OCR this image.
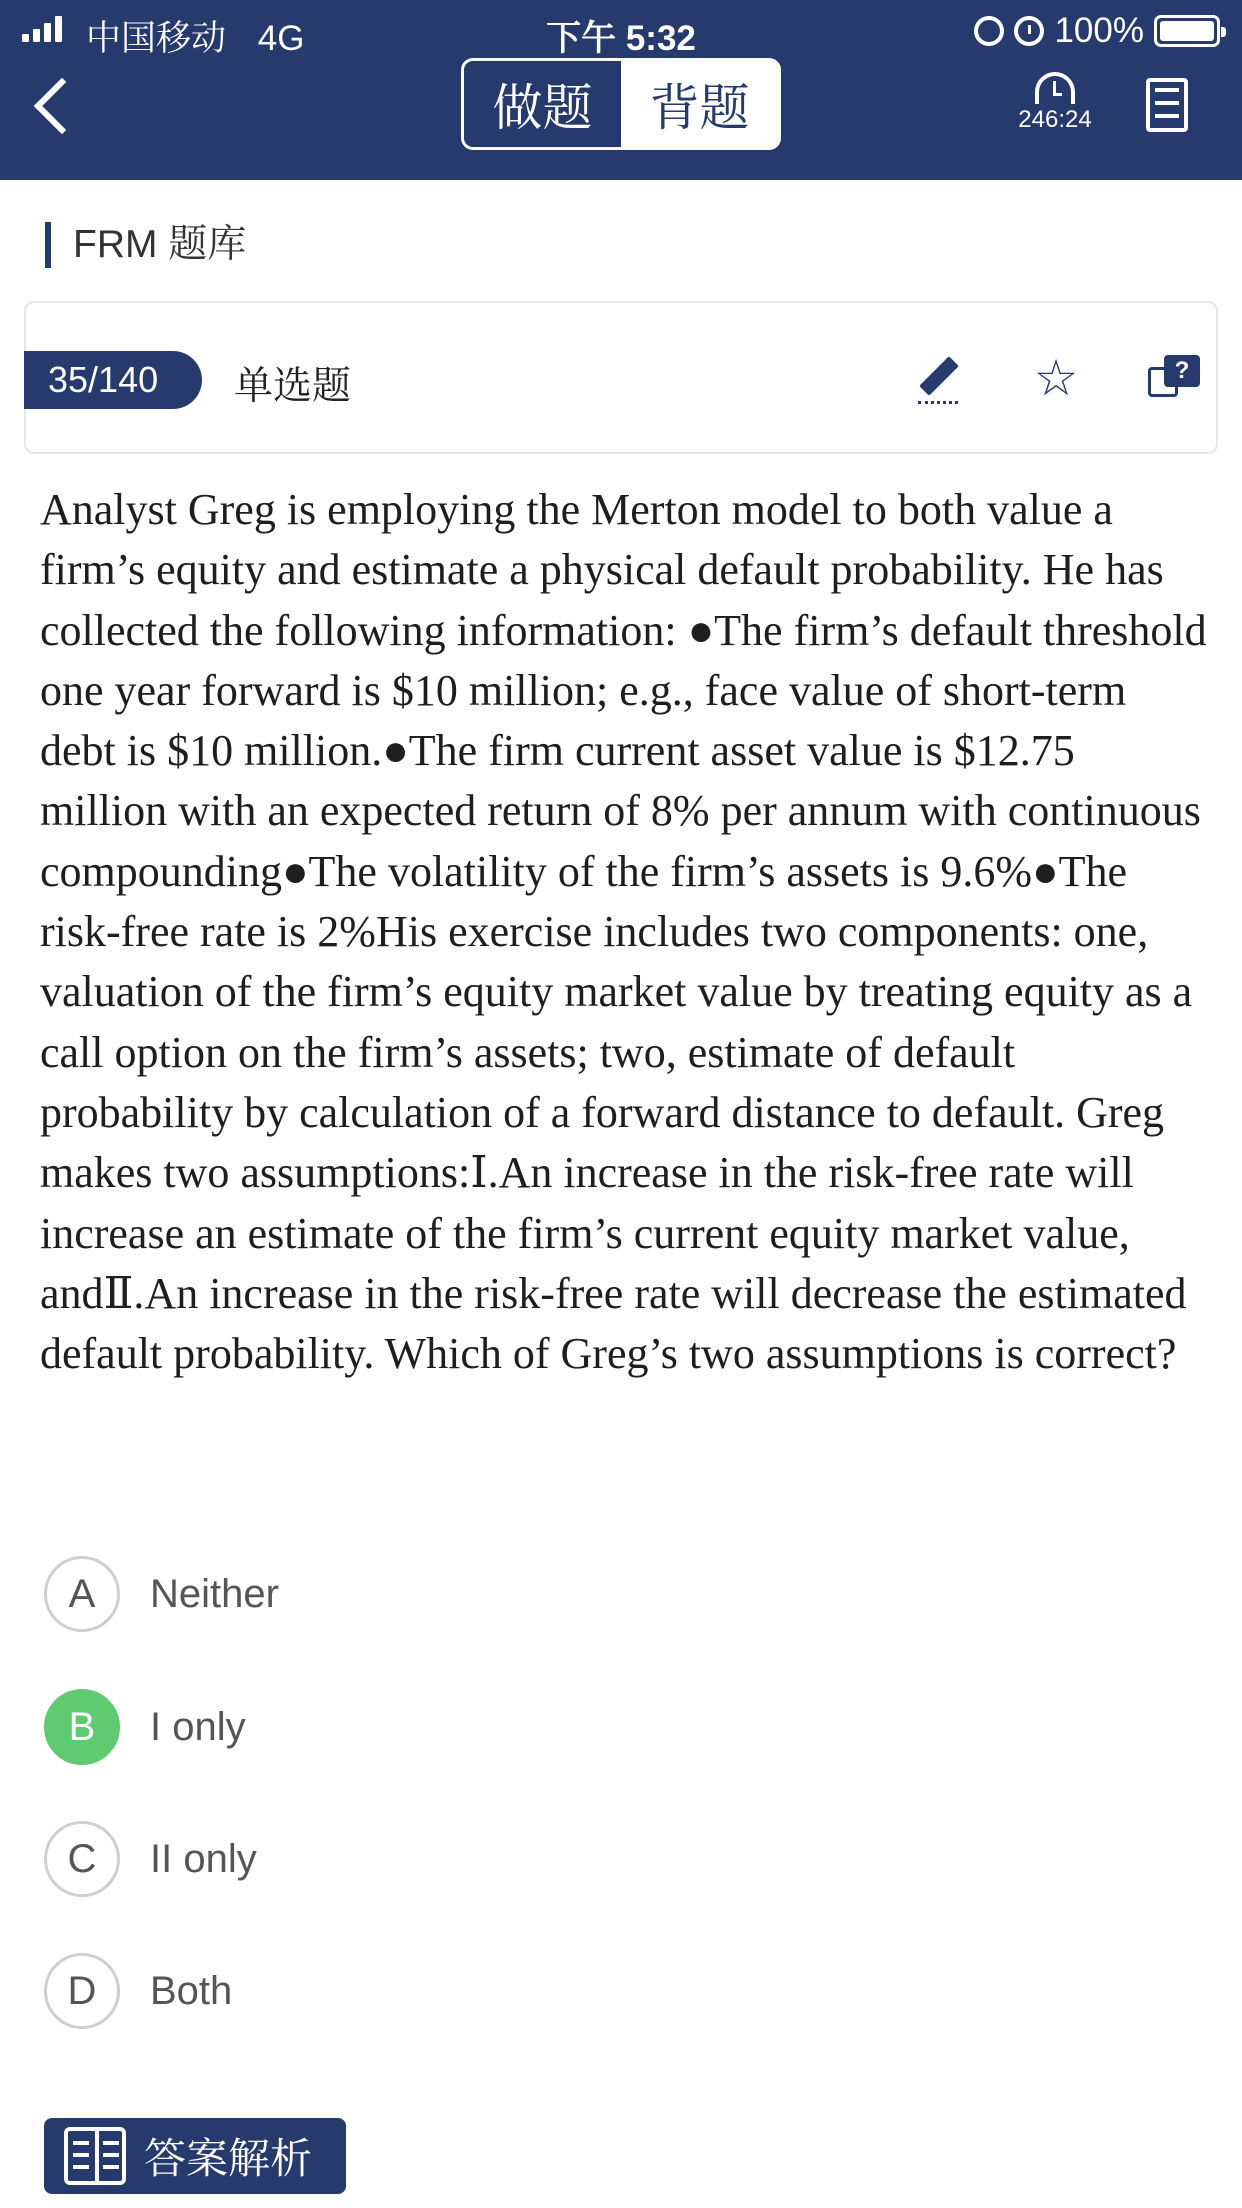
中国移动 4G	下午 5:32	100%
做题	背题	246:24
FRM 题库
35/140	单选题	☆	?
Analyst Greg is employing the Merton model to both value a firm’s equity and estimate a physical default probability. He has collected the following information: ●The firm’s default threshold one year forward is $10 million; e.g., face value of short-term debt is $10 million.●The firm current asset value is $12.75 million with an expected return of 8% per annum with continuous compounding●The volatility of the firm’s assets is 9.6%●The risk-free rate is 2%His exercise includes two components: one, valuation of the firm’s equity market value by treating equity as a call option on the firm’s assets; two, estimate of default probability by calculation of a forward distance to default. Greg makes two assumptions:Ⅰ.An increase in the risk-free rate will increase an estimate of the firm’s current equity market value, andⅡ.An increase in the risk-free rate will decrease the estimated default probability. Which of Greg’s two assumptions is correct?
A	Neither
B	I only
C	II only
D	Both
答案解析
